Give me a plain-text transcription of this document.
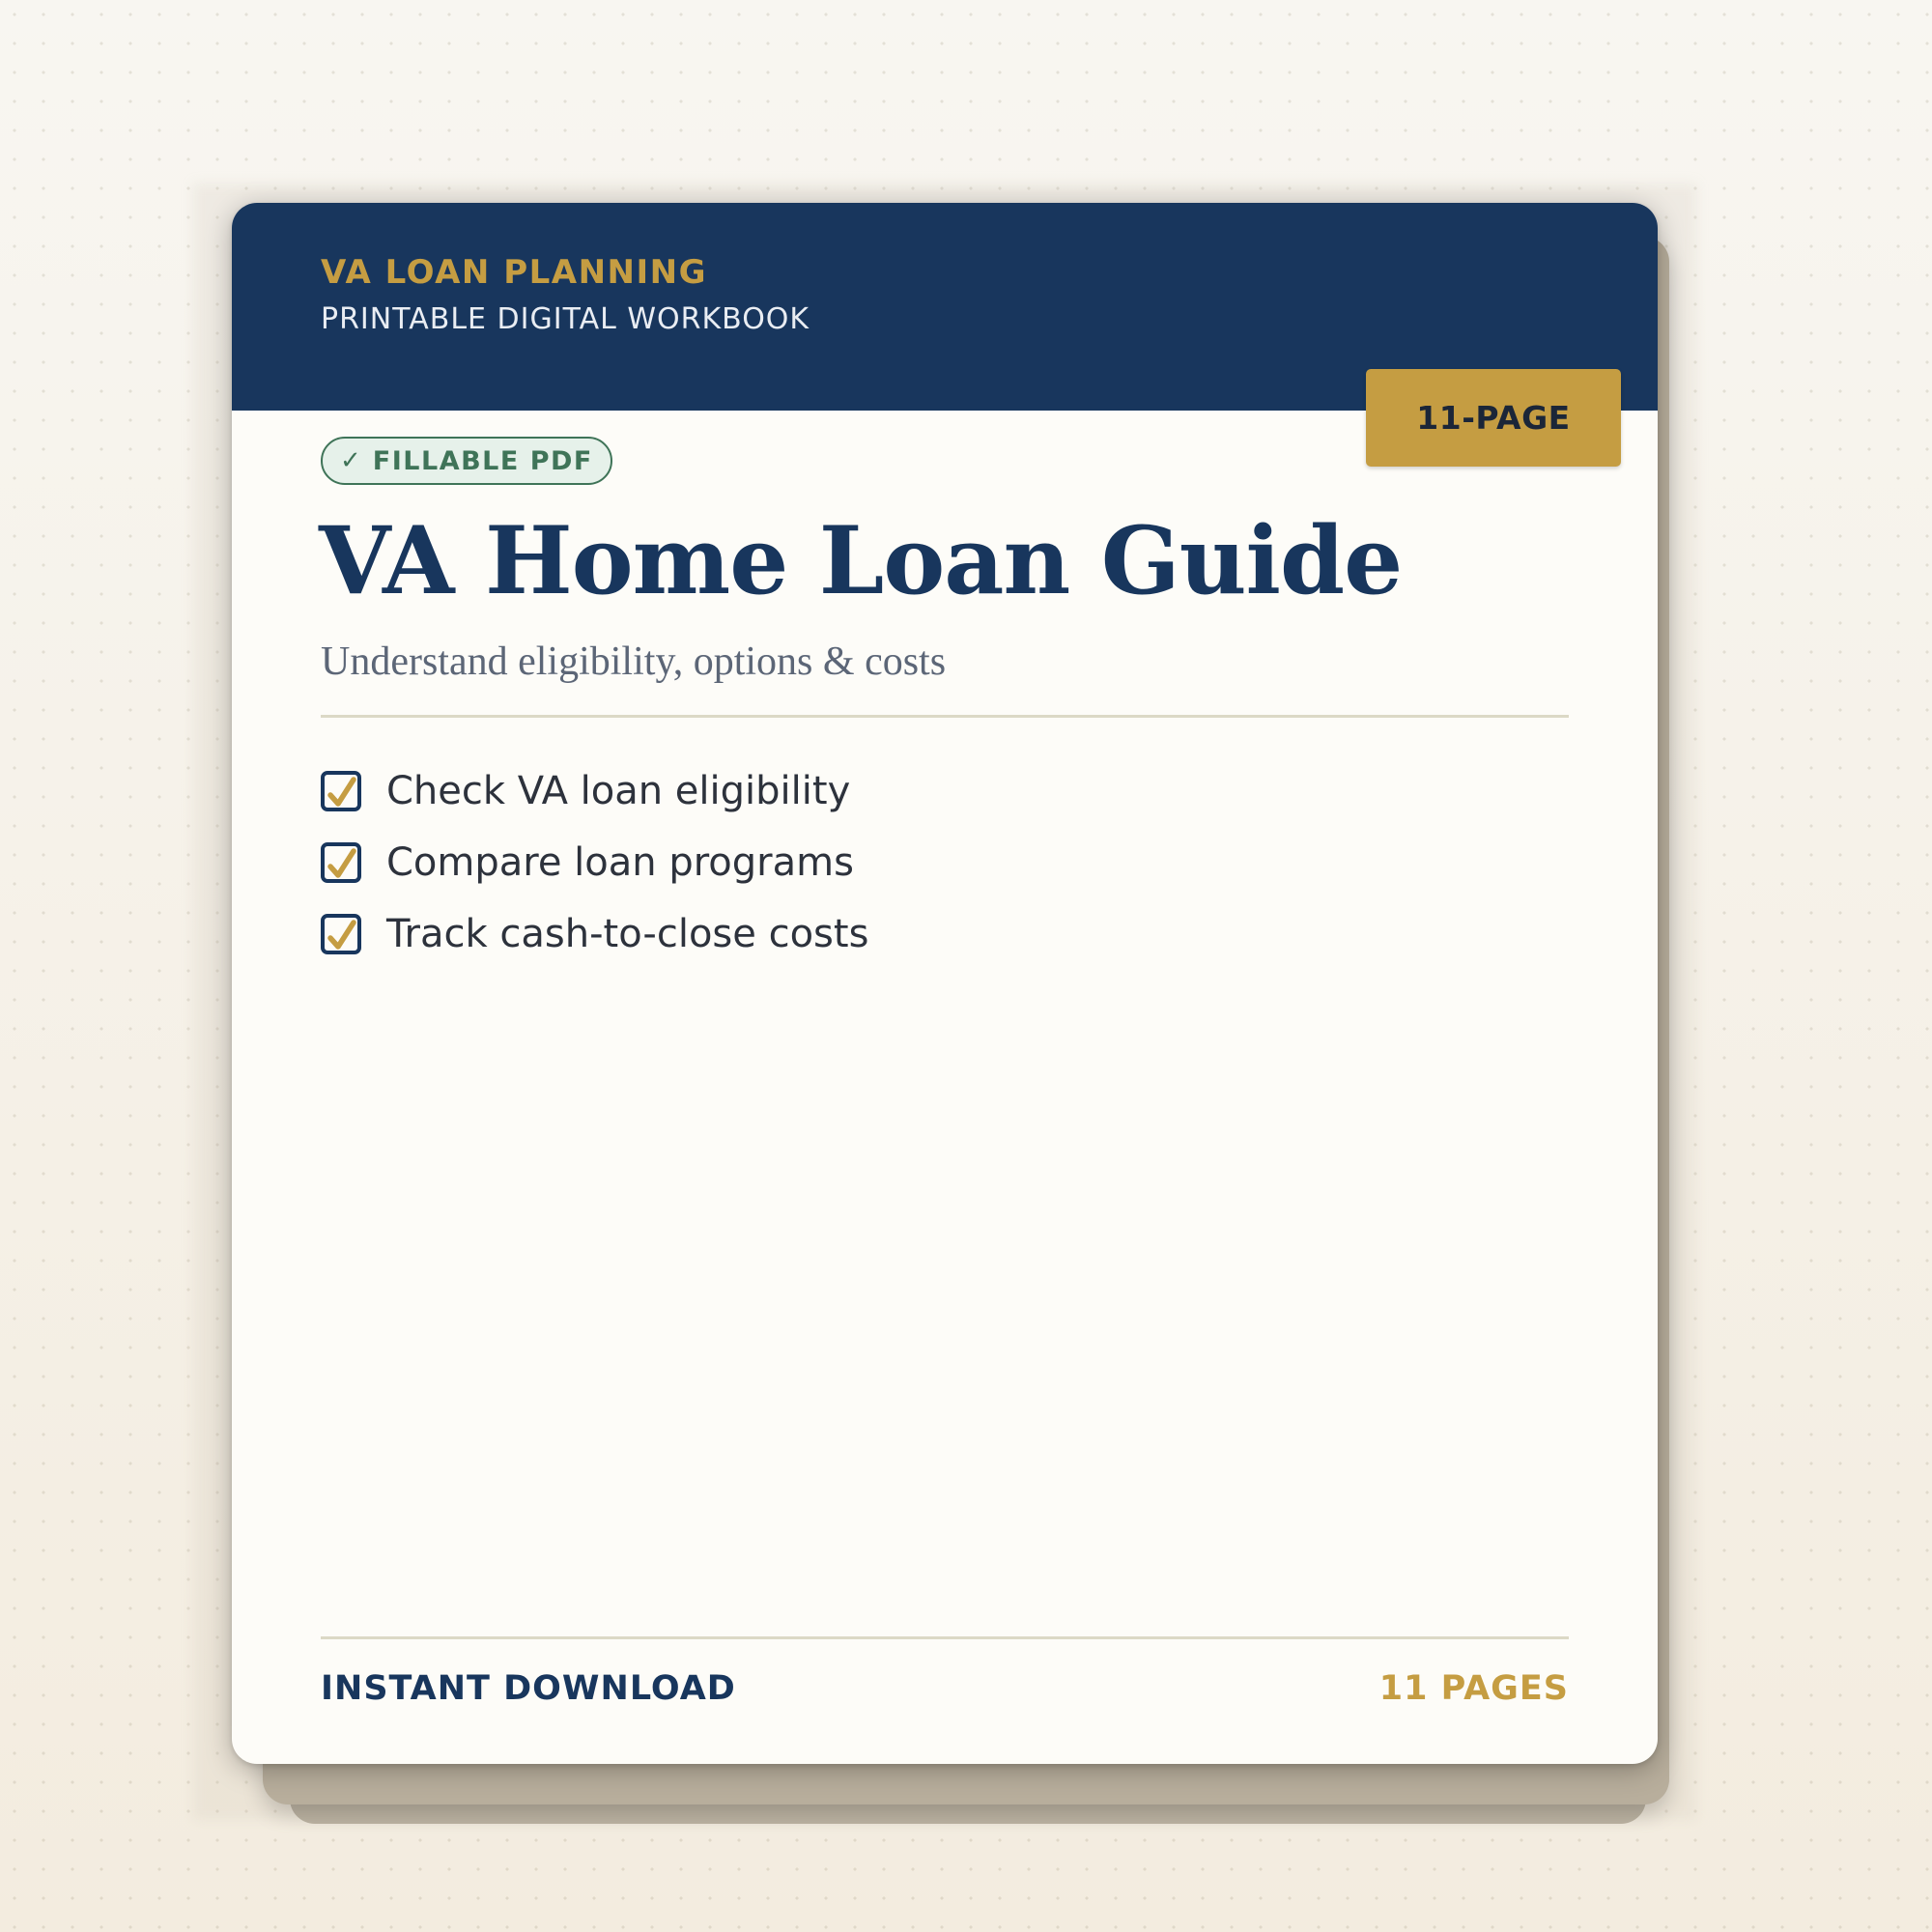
VA LOAN PLANNING
PRINTABLE DIGITAL WORKBOOK
11-PAGE
✓ FILLABLE PDF
VA Home Loan Guide
Understand eligibility, options & costs
Check VA loan eligibility
Compare loan programs
Track cash-to-close costs
INSTANT DOWNLOAD	11 PAGES
